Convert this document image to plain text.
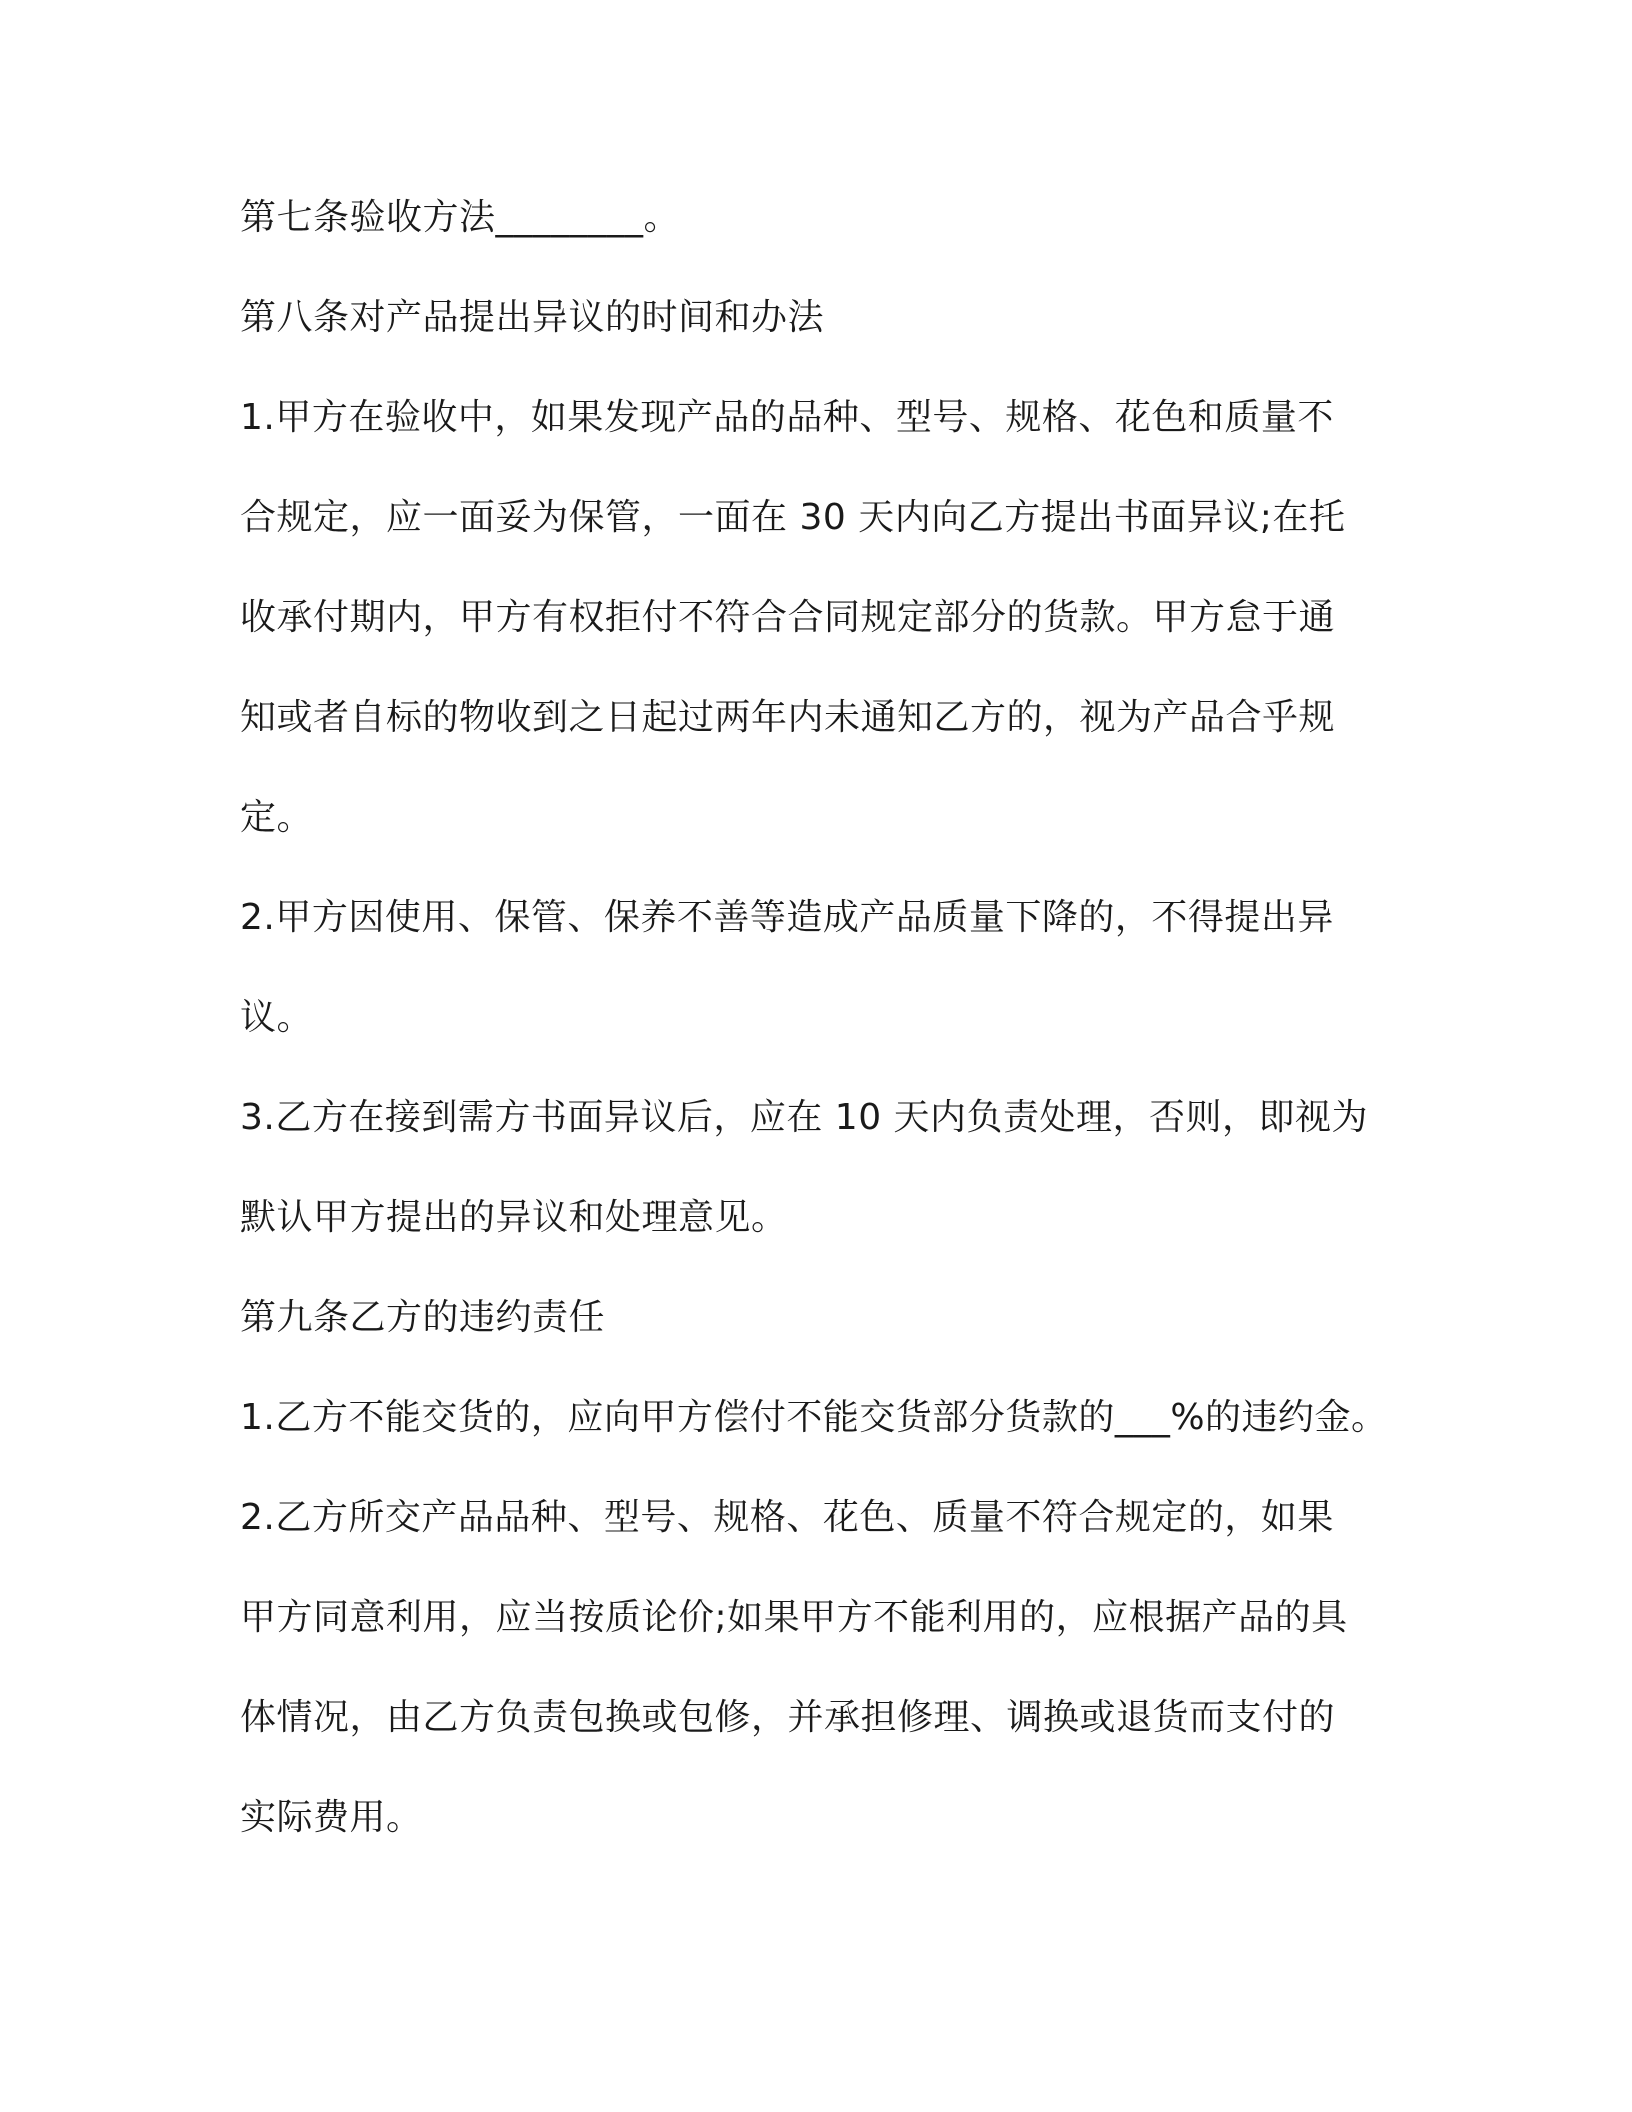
第七条验收方法________。
第八条对产品提出异议的时间和办法
1.甲方在验收中，如果发现产品的品种、型号、规格、花色和质量不
合规定，应一面妥为保管，一面在 30 天内向乙方提出书面异议;在托
收承付期内，甲方有权拒付不符合合同规定部分的货款。甲方怠于通
知或者自标的物收到之日起过两年内未通知乙方的，视为产品合乎规
定。
2.甲方因使用、保管、保养不善等造成产品质量下降的，不得提出异
议。
3.乙方在接到需方书面异议后，应在 10 天内负责处理，否则，即视为
默认甲方提出的异议和处理意见。
第九条乙方的违约责任
1.乙方不能交货的，应向甲方偿付不能交货部分货款的___%的违约金。
2.乙方所交产品品种、型号、规格、花色、质量不符合规定的，如果
甲方同意利用，应当按质论价;如果甲方不能利用的，应根据产品的具
体情况，由乙方负责包换或包修，并承担修理、调换或退货而支付的
实际费用。
